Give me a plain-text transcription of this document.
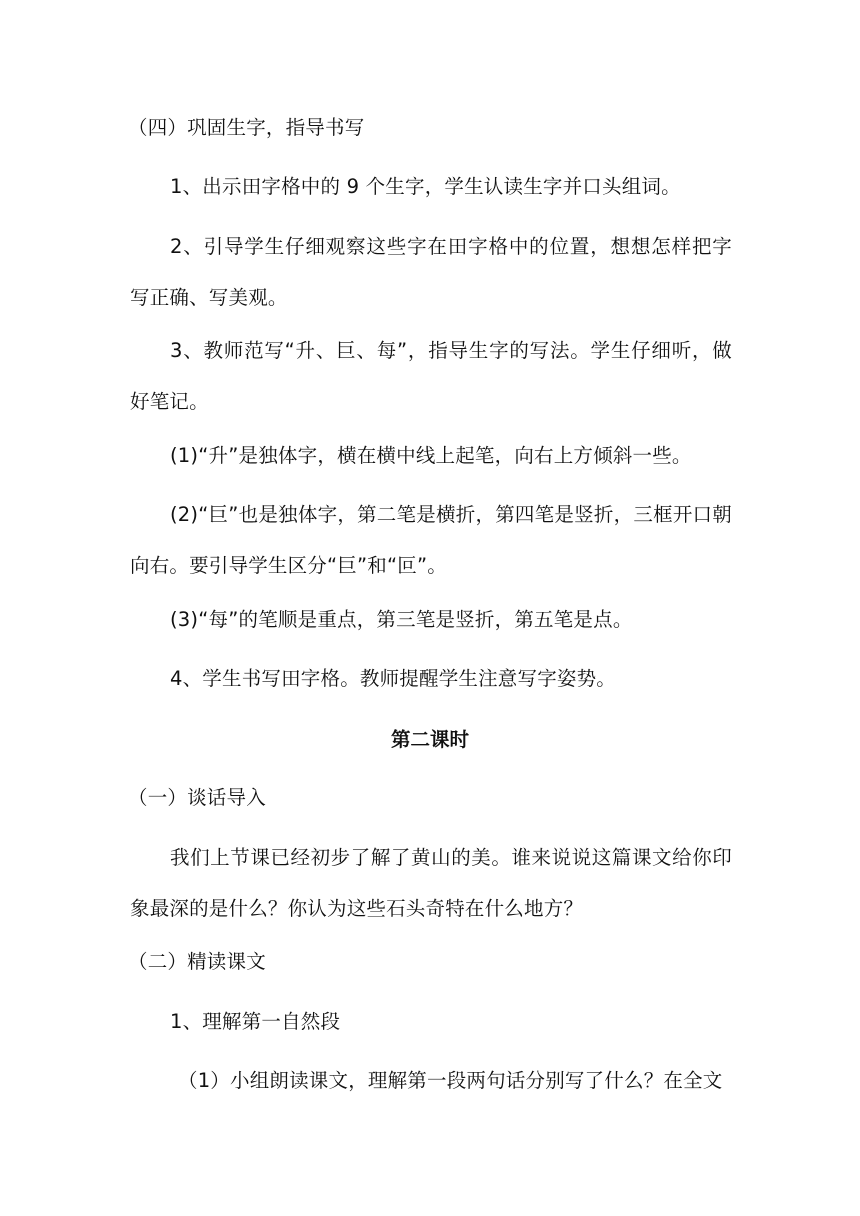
（四）巩固生字，指导书写

1、出示田字格中的 9 个生字，学生认读生字并口头组词。

2、引导学生仔细观察这些字在田字格中的位置，想想怎样把字写正确、写美观。

3、教师范写“升、巨、每”，指导生字的写法。学生仔细听，做好笔记。

(1)“升”是独体字，横在横中线上起笔，向右上方倾斜一些。

(2)“巨”也是独体字，第二笔是横折，第四笔是竖折，三框开口朝向右。要引导学生区分“巨”和“叵”。

(3)“每”的笔顺是重点，第三笔是竖折，第五笔是点。

4、学生书写田字格。教师提醒学生注意写字姿势。

第二课时

（一）谈话导入

我们上节课已经初步了解了黄山的美。谁来说说这篇课文给你印象最深的是什么？你认为这些石头奇特在什么地方？

（二）精读课文

1、理解第一自然段

（1）小组朗读课文，理解第一段两句话分别写了什么？在全文
